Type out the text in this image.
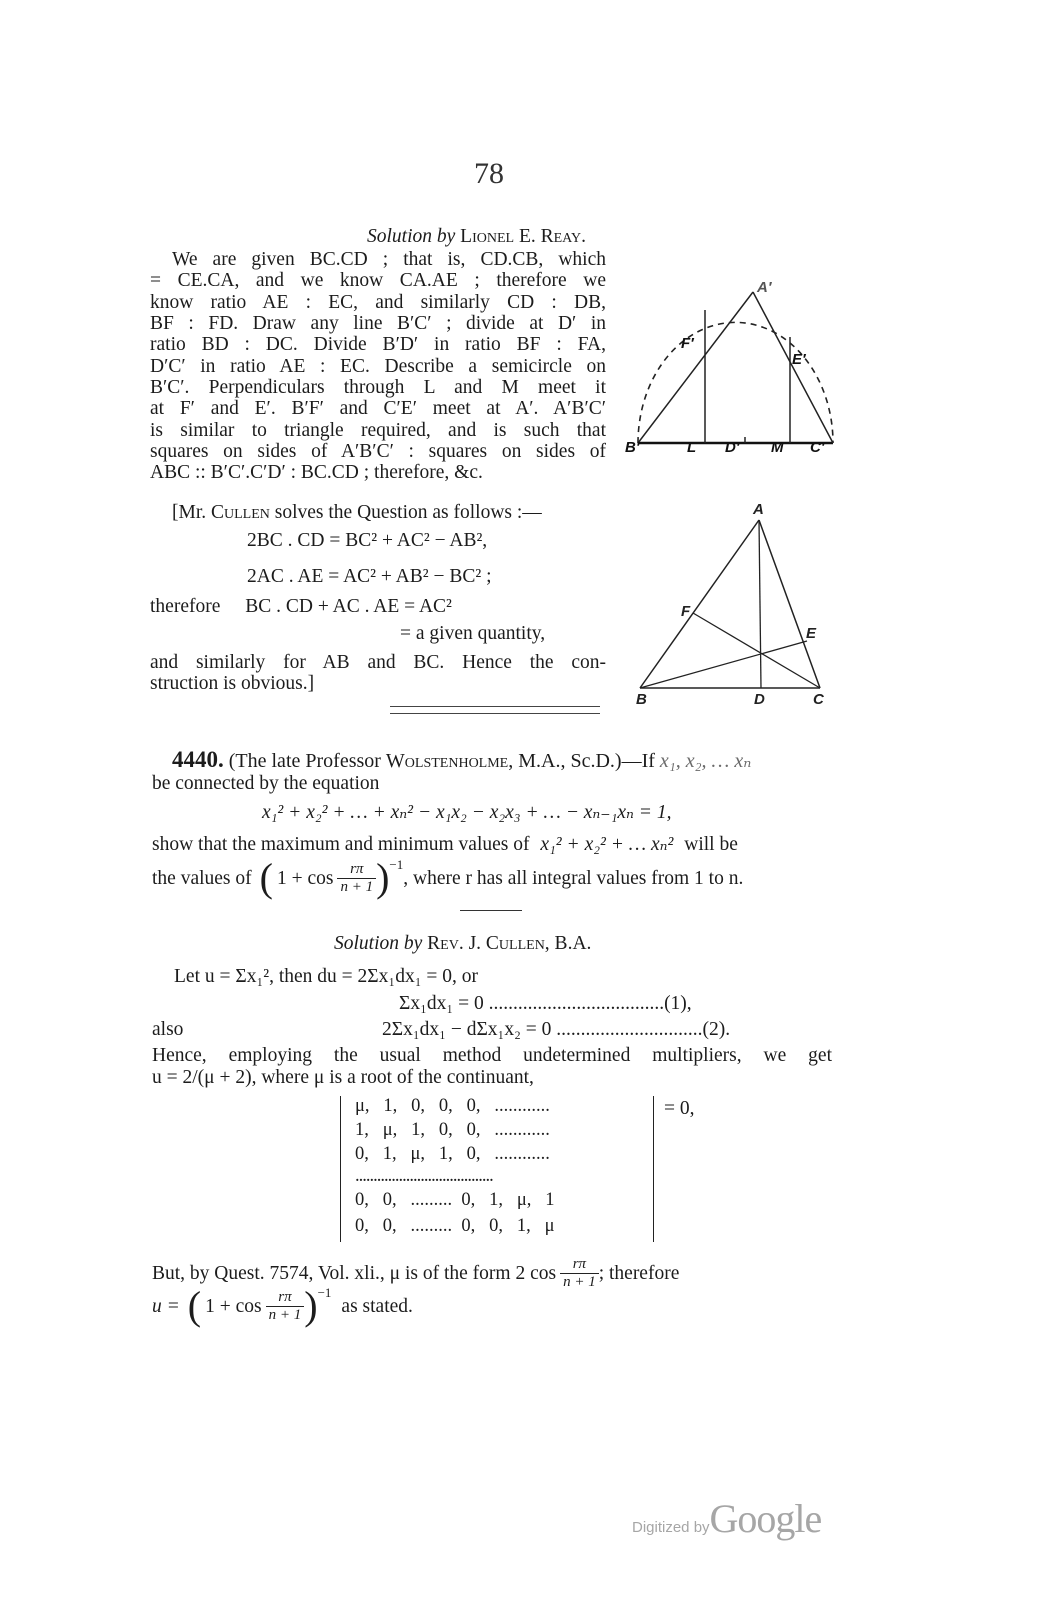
78
Solution by Lionel E. Reay.
We are given BC.CD ; that is, CD.CB, which
= CE.CA, and we know CA.AE ; therefore we
know ratio AE : EC, and similarly CD : DB,
BF : FD. Draw any line B′C′ ; divide at D′ in
ratio BD : DC. Divide B′D′ in ratio BF : FA,
D′C′ in ratio AE : EC. Describe a semicircle on
B′C′. Perpendiculars through L and M meet it
at F′ and E′. B′F′ and C′E′ meet at A′. A′B′C′
is similar to triangle required, and is such that
squares on sides of A′B′C′ : squares on sides of
ABC :: B′C′.C′D′ : BC.CD ; therefore, &c.
A′
F′
E′
B′	L D′ M C′
[Mr. Cullen solves the Question as follows :—
2BC . CD = BC² + AC² − AB²,
2AC . AE = AC² + AB² − BC² ;
therefore BC . CD + AC . AE = AC²
= a given quantity,
and similarly for AB and BC. Hence the con-
struction is obvious.]
A
F
E
B	D	C
4440. (The late Professor Wolstenholme, M.A., Sc.D.)—If x₁, x₂, … xₙ
be connected by the equation
x₁² + x₂² + … + xₙ² − x₁x₂ − x₂x₃ + … − xₙ₋₁xₙ = 1,
show that the maximum and minimum values of x₁² + x₂² + … xₙ² will be
the values of ( $1 + \cos \frac{r\pi}{n + 1} )^{-1}$
, where r has all integral values from 1 to n.
Solution by Rev. J. Cullen, B.A.
Let u = Σx₁², then du = 2Σx₁dx₁ = 0, or
Σx₁dx₁ = 0 ....................................(1),
also	2Σx₁dx₁ − dΣx₁x₂ = 0 ..............................(2).
Hence, employing the usual method undetermined multipliers, we get
u = 2/(μ + 2), where μ is a root of the continuant,
μ,   1,   0,   0,   0,   ............
1,   μ,   1,   0,   0,   ............
0,   1,   μ,   1,   0,   ............
......................................
0,   0,   .........  0,   1,   μ,   1
0,   0,   .........  0,   0,   1,   μ
= 0,
But, by Quest. 7574, Vol. xli., μ is of the form 2 $\cos \frac{r\pi}{n + 1}$ ; therefore
u = ( $1 + \cos \frac{r\pi}{n + 1} )^{-1}$
as stated.
Digitized byGoogle
